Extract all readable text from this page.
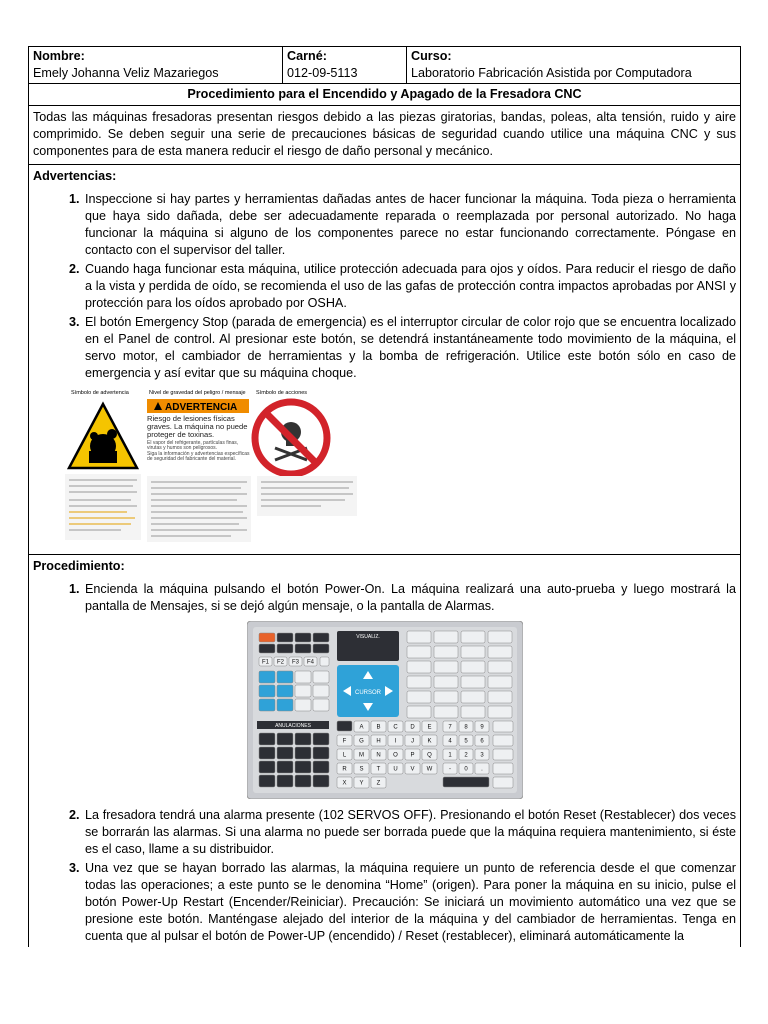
Nombre:
Emely Johanna Veliz Mazariegos

Carné:
012-09-5113

Curso:
Laboratorio Fabricación Asistida por Computadora

Procedimiento para el Encendido y Apagado de la Fresadora CNC
Todas las máquinas fresadoras presentan riesgos debido a las piezas giratorias, bandas, poleas, alta tensión, ruido y aire comprimido. Se deben seguir una serie de precauciones básicas de seguridad cuando utilice una máquina CNC y sus componentes para de esta manera reducir el riesgo de daño personal y mecánico.

Advertencias:
1. Inspeccione si hay partes y herramientas dañadas antes de hacer funcionar la máquina. Toda pieza o herramienta que haya sido dañada, debe ser adecuadamente reparada o reemplazada por personal autorizado. No haga funcionar la máquina si alguno de los componentes parece no estar funcionando correctamente. Póngase en contacto con el supervisor del taller.
2. Cuando haga funcionar esta máquina, utilice protección adecuada para ojos y oídos. Para reducir el riesgo de daño a la vista y perdida de oído, se recomienda el uso de las gafas de protección contra impactos aprobadas por ANSI y protección para los oídos aprobado por OSHA.
3. El botón Emergency Stop (parada de emergencia) es el interruptor circular de color rojo que se encuentra localizado en el Panel de control. Al presionar este botón, se detendrá instantáneamente todo movimiento de la máquina, el servo motor, el cambiador de herramientas y la bomba de refrigeración. Utilice este botón sólo en caso de emergencia y así evitar que su máquina choque.
Símbolo de advertencia	Nivel de gravedad del peligro / mensaje Símbolo de acciones
ADVERTENCIA
Riesgo de lesiones físicas graves. La máquina no puede proteger de toxinas.
El vapor del refrigerante, partículas finas, virutas y humos son peligrosos.
Siga la información y advertencias específicas de seguridad del fabricante del material.

Procedimiento:
1. Encienda la máquina pulsando el botón Power-On. La máquina realizará una auto-prueba y luego mostrará la pantalla de Mensajes, si se dejó algún mensaje, o la pantalla de Alarmas.
F1 F2 F3 F4
CURSOR
VISUALIZ.
ANULACIONES	A B C D E
F G H I J K
L M N O P Q
R S T U V W
X Y Z
7 8 9
4 5 6
1 2 3
- 0 .
2. La fresadora tendrá una alarma presente (102 SERVOS OFF). Presionando el botón Reset (Restablecer) dos veces se borrarán las alarmas. Si una alarma no puede ser borrada puede que la máquina requiera mantenimiento, si éste es el caso, llame a su distribuidor.
3. Una vez que se hayan borrado las alarmas, la máquina requiere un punto de referencia desde el que comenzar todas las operaciones; a este punto se le denomina “Home” (origen). Para poner la máquina en su inicio, pulse el botón Power-Up Restart (Encender/Reiniciar). Precaución: Se iniciará un movimiento automático una vez que se presione este botón. Manténgase alejado del interior de la máquina y del cambiador de herramientas. Tenga en cuenta que al pulsar el botón de Power-UP (encendido) / Reset (restablecer), eliminará automáticamente la
